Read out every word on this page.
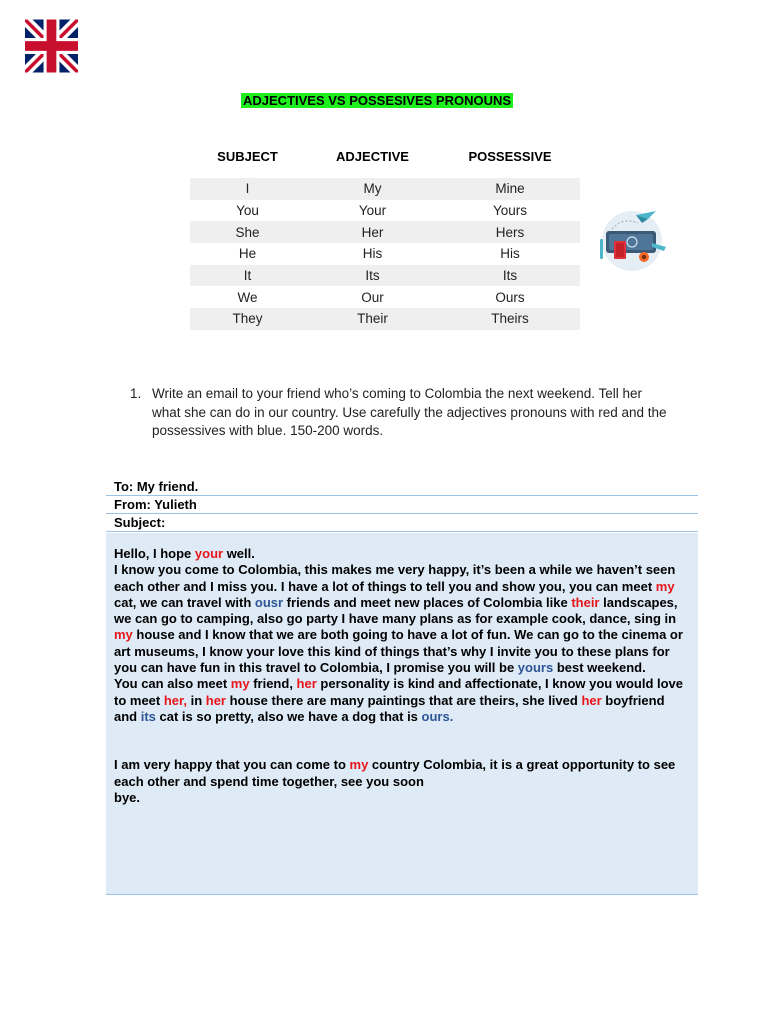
ADJECTIVES VS POSSESIVES PRONOUNS
SUBJECT	ADJECTIVE	POSSESSIVE
I	My	Mine
You	Your	Yours
She	Her	Hers
He	His	His
It	Its	Its
We	Our	Ours
They	Their	Theirs
1. Write an email to your friend who’s coming to Colombia the next weekend. Tell her what she can do in our country. Use carefully the adjectives pronouns with red and the possessives with blue. 150-200 words.
To: My friend.
From: Yulieth
Subject:

Hello, I hope your well.

I know you come to Colombia, this makes me very happy, it’s been a while we haven’t seen each other and I miss you. I have a lot of things to tell you and show you, you can meet my cat, we can travel with ousr friends and meet new places of Colombia like their landscapes, we can go to camping, also go party I have many plans as for example cook, dance, sing in my house and I know that we are both going to have a lot of fun. We can go to the cinema or art museums, I know your love this kind of things that’s why I invite you to these plans for you can have fun in this travel to Colombia, I promise you will be yours best weekend.

You can also meet my friend, her personality is kind and affectionate, I know you would love to meet her, in her house there are many paintings that are theirs, she lived her boyfriend and its cat is so pretty, also we have a dog that is ours.

I am very happy that you can come to my country Colombia, it is a great opportunity to see each other and spend time together, see you soon

bye.
